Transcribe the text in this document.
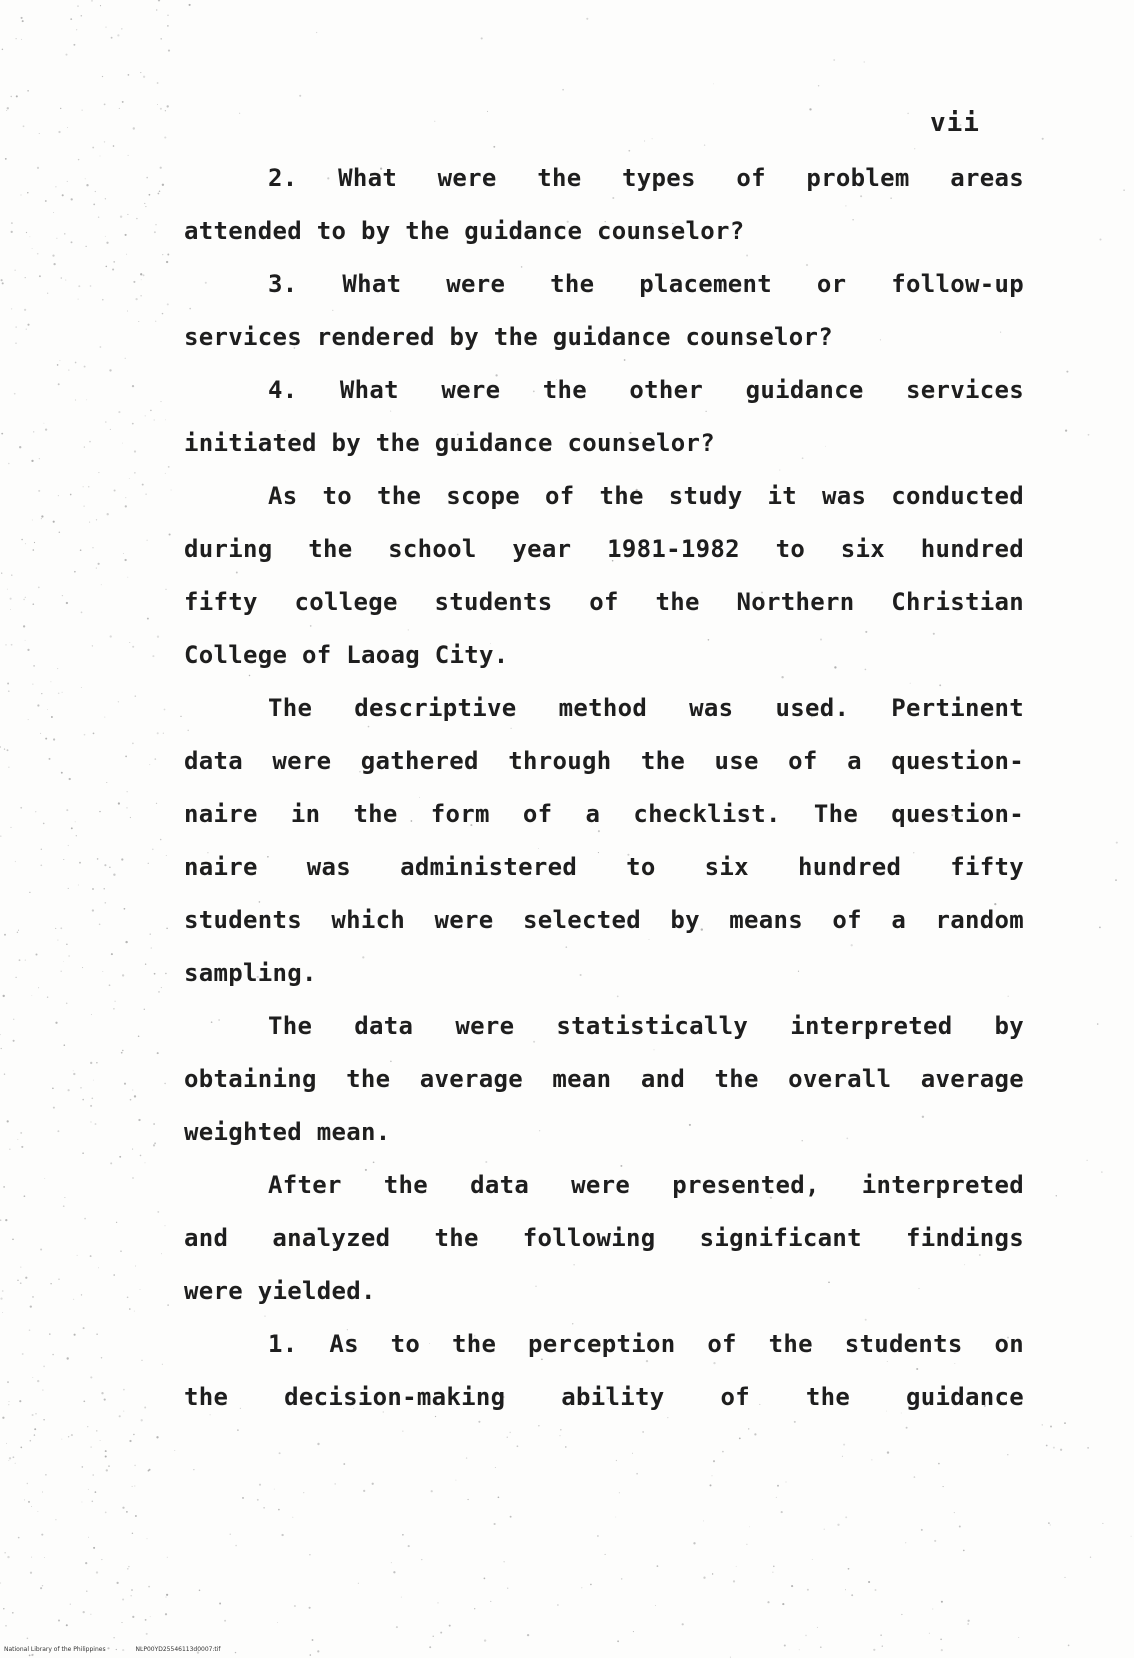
vii
2. What were the types of problem areas
attended to by the guidance counselor?
3. What were the placement or follow-up
services rendered by the guidance counselor?
4. What were the other guidance services
initiated by the guidance counselor?
As to the scope of the study it was conducted
during the school year 1981-1982 to six hundred
fifty college students of the Northern Christian
College of Laoag City.
The descriptive method was used. Pertinent
data were gathered through the use of a question-
naire in the form of a checklist. The question-
naire was administered to six hundred fifty
students which were selected by means of a random
sampling.
The data were statistically interpreted by
obtaining the average mean and the overall average
weighted mean.
After the data were presented, interpreted
and analyzed the following significant findings
were yielded.
1. As to the perception of the students on
the decision-making ability of the guidance
National Library of the Philippines	NLP00YD25546113d0007.tif
